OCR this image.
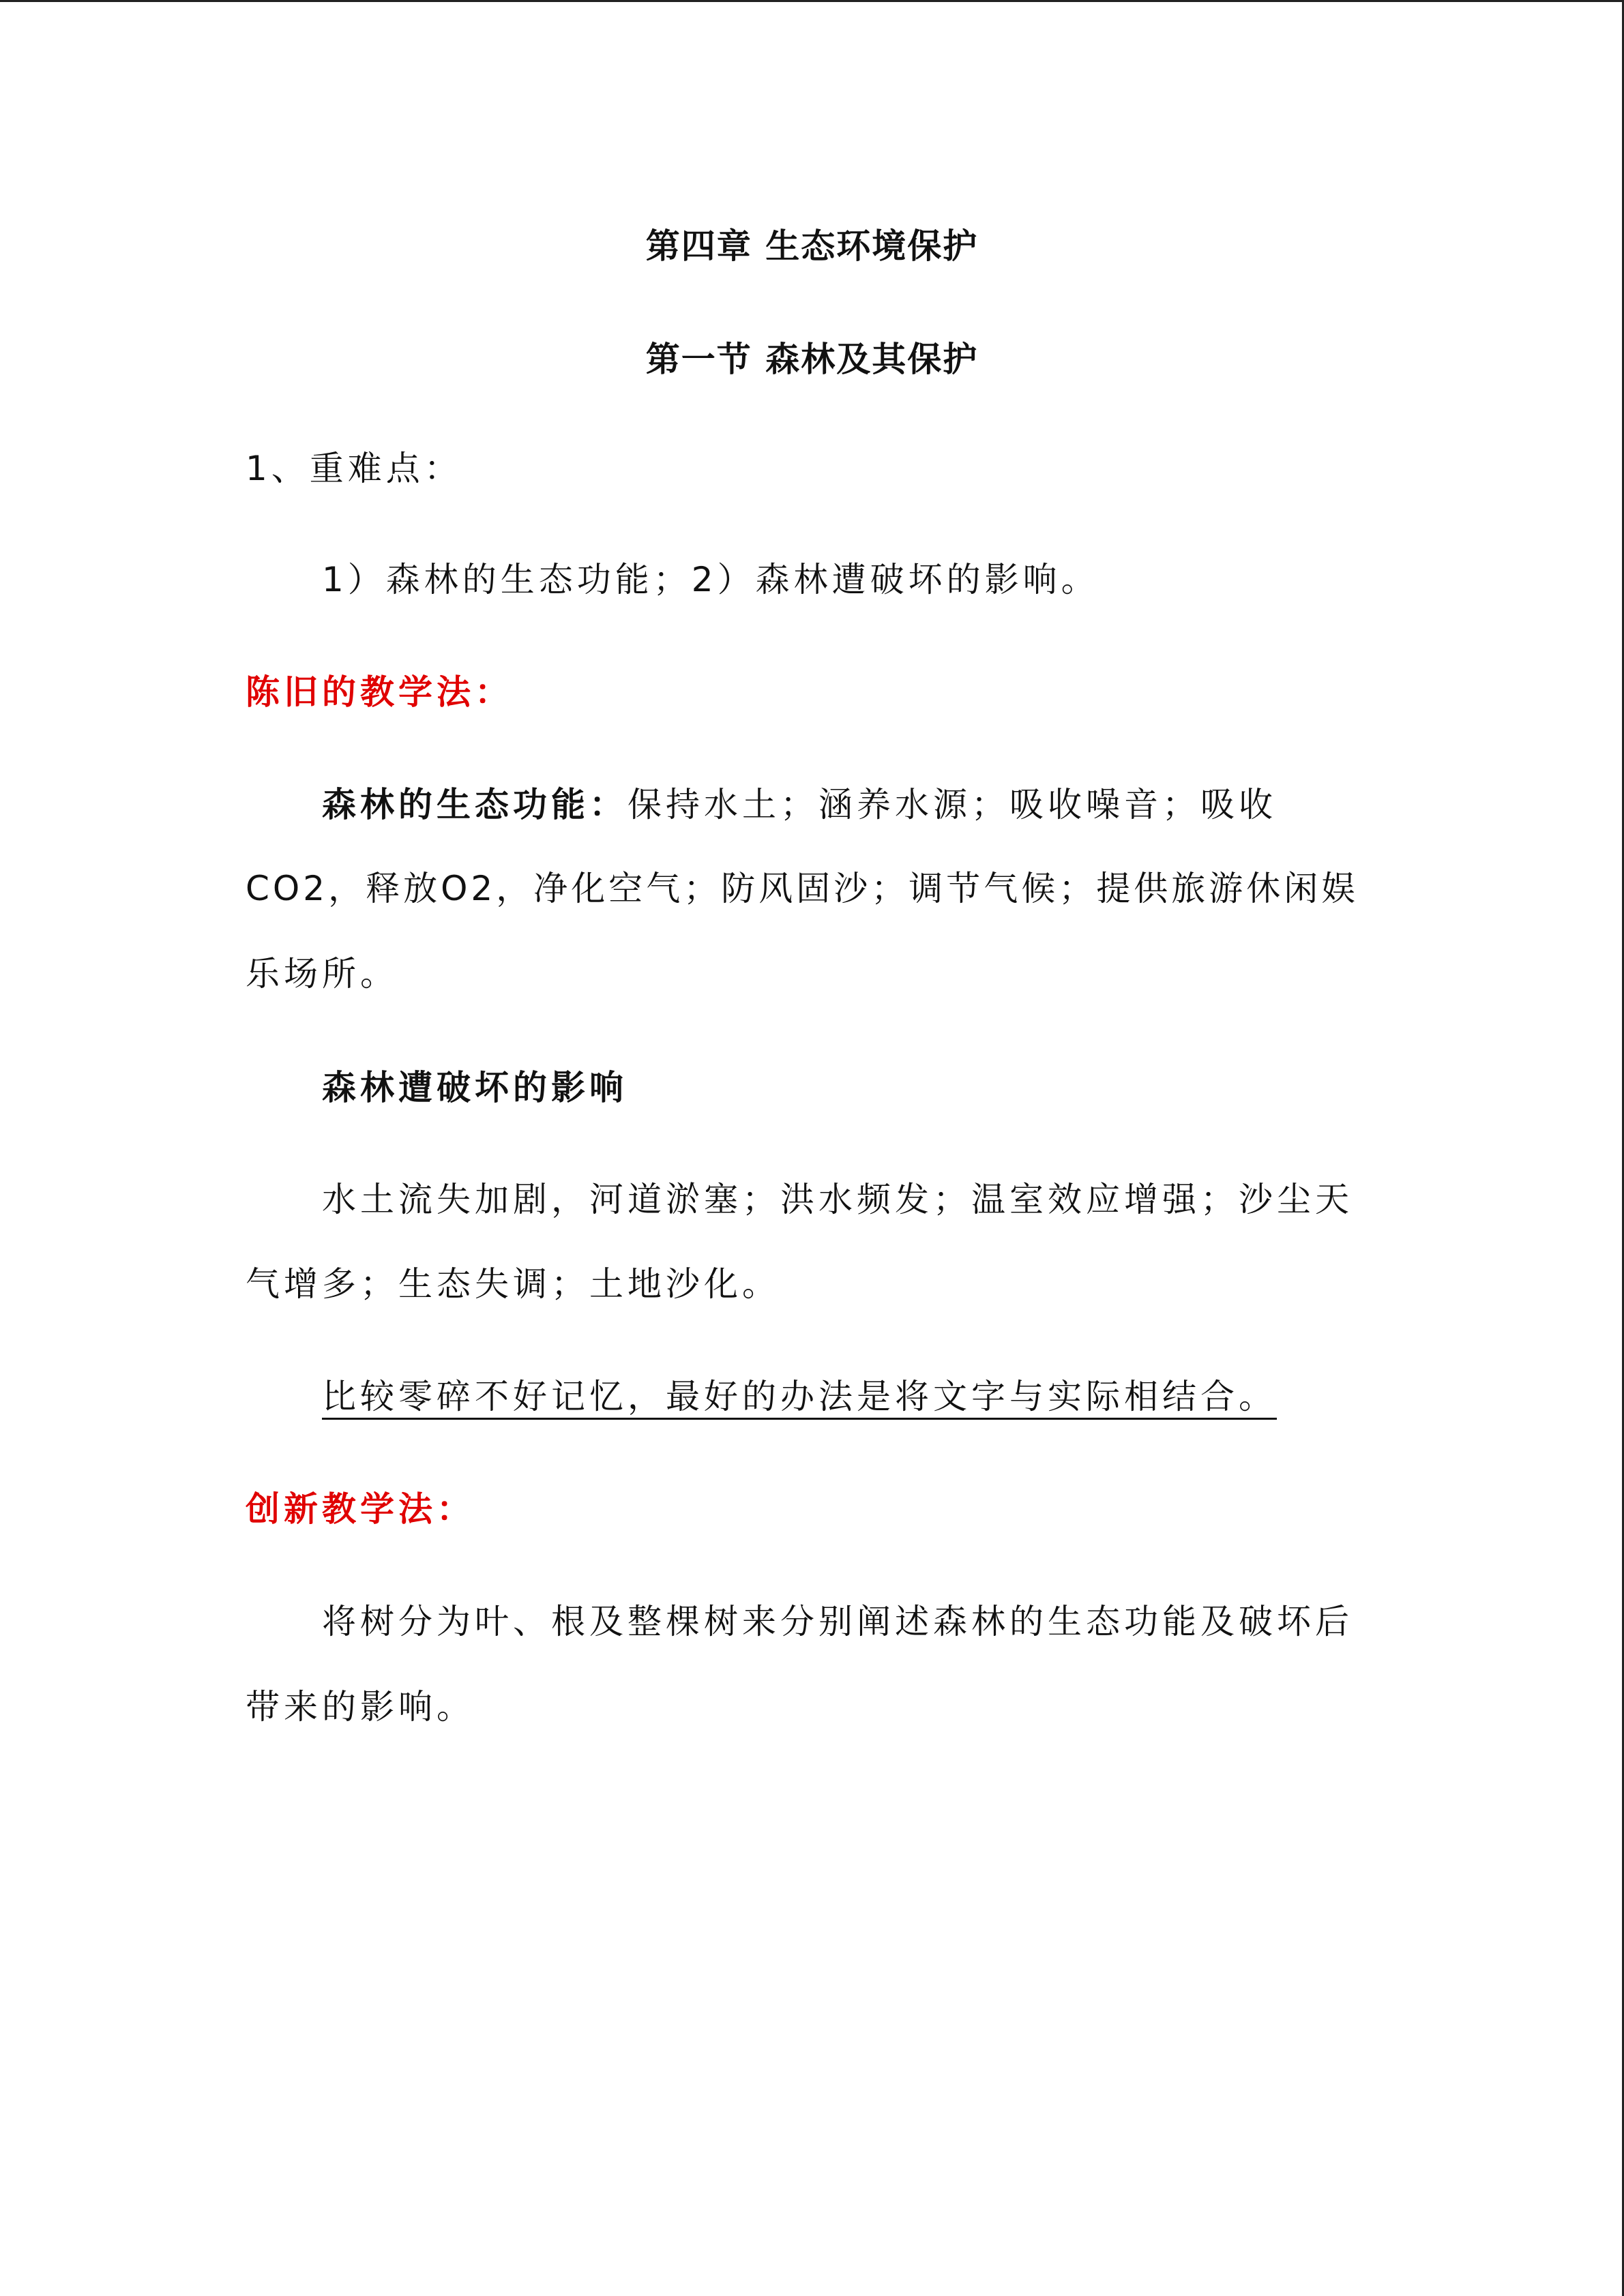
第四章 生态环境保护
第一节 森林及其保护
1、重难点：
1）森林的生态功能；2）森林遭破坏的影响。
陈旧的教学法：
森林的生态功能：保持水土；涵养水源；吸收噪音；吸收
CO2，释放O2，净化空气；防风固沙；调节气候；提供旅游休闲娱
乐场所。
森林遭破坏的影响
水土流失加剧，河道淤塞；洪水频发；温室效应增强；沙尘天
气增多；生态失调；土地沙化。
比较零碎不好记忆，最好的办法是将文字与实际相结合。
创新教学法：
将树分为叶、根及整棵树来分别阐述森林的生态功能及破坏后
带来的影响。
